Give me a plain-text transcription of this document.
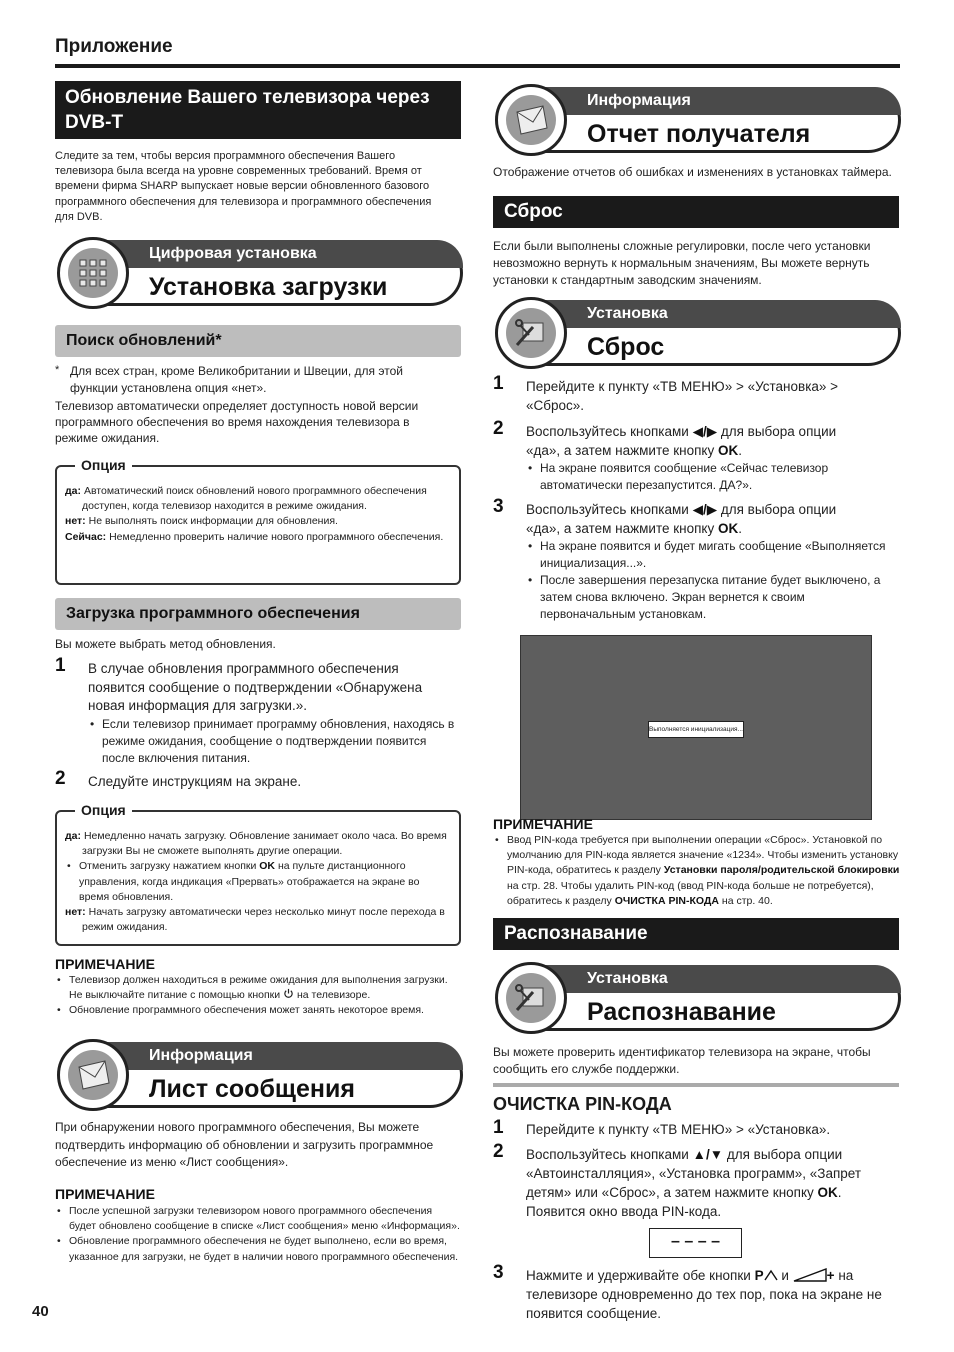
Приложение
Обновление Вашего телевизора через DVB-T
Следите за тем, чтобы версия программного обеспечения Вашего телевизора была всегда на уровне современных требований. Время от времени фирма SHARP выпускает новые версии обновленного базового программного обеспечения для телевизора и программного обеспечения для DVB.
Цифровая установка
Установка загрузки
Поиск обновлений*
* Для всех стран, кроме Великобритании и Швеции, для этой функции установлена опция «нет».
Телевизор автоматически определяет доступность новой версии программного обеспечения во время нахождения телевизора в режиме ожидания.
Опция
да: Автоматический поиск обновлений нового программного обеспечения доступен, когда телевизор находится в режиме ожидания.
нет: Не выполнять поиск информации для обновления.
Сейчас: Немедленно проверить наличие нового программного обеспечения.
Загрузка программного обеспечения
Вы можете выбрать метод обновления.
1 В случае обновления программного обеспечения появится сообщение о подтверждении «Обнаружена новая информация для загрузки.».
• Если телевизор принимает программу обновления, находясь в режиме ожидания, сообщение о подтверждении появится после включения питания.
2 Следуйте инструкциям на экране.
Опция
да: Немедленно начать загрузку. Обновление занимает около часа. Во время загрузки Вы не сможете выполнять другие операции.
• Отменить загрузку нажатием кнопки OK на пульте дистанционного управления, когда индикация «Прервать» отображается на экране во время обновления.
нет: Начать загрузку автоматически через несколько минут после перехода в режим ожидания.
ПРИМЕЧАНИЕ
• Телевизор должен находиться в режиме ожидания для выполнения загрузки. Не выключайте питание с помощью кнопки на телевизоре.
• Обновление программного обеспечения может занять некоторое время.
Информация
Лист сообщения
При обнаружении нового программного обеспечения, Вы можете подтвердить информацию об обновлении и загрузить программное обеспечение из меню «Лист сообщения».
ПРИМЕЧАНИЕ
• После успешной загрузки телевизором нового программного обеспечения будет обновлено сообщение в списке «Лист сообщения» меню «Информация».
• Обновление программного обеспечения не будет выполнено, если во время, указанное для загрузки, не будет в наличии нового программного обеспечения.
40
Информация
Отчет получателя
Отображение отчетов об ошибках и изменениях в установках таймера.
Сброс
Если были выполнены сложные регулировки, после чего установки невозможно вернуть к нормальным значениям, Вы можете вернуть установки к стандартным заводским значениям.
Установка
Сброс
1 Перейдите к пункту «ТВ МЕНЮ» > «Установка» > «Сброс».
2 Воспользуйтесь кнопками ◀/▶ для выбора опции «да», а затем нажмите кнопку OK.
• На экране появится сообщение «Сейчас телевизор автоматически перезапустится. ДА?».
3 Воспользуйтесь кнопками ◀/▶ для выбора опции «да», а затем нажмите кнопку OK.
• На экране появится и будет мигать сообщение «Выполняется инициализация...».
• После завершения перезапуска питание будет выключено, а затем снова включено. Экран вернется к своим первоначальным установкам.
Выполняется инициализация...
ПРИМЕЧАНИЕ
• Ввод PIN-кода требуется при выполнении операции «Сброс». Установкой по умолчанию для PIN-кода является значение «1234». Чтобы изменить установку PIN-кода, обратитесь к разделу Установки пароля/родительской блокировки на стр. 28. Чтобы удалить PIN-код (ввод PIN-кода больше не потребуется), обратитесь к разделу ОЧИСТКА PIN-КОДА на стр. 40.
Распознавание
Установка
Распознавание
Вы можете проверить идентификатор телевизора на экране, чтобы сообщить его службе поддержки.
ОЧИСТКА PIN-КОДА
1 Перейдите к пункту «ТВ МЕНЮ» > «Установка».
2 Воспользуйтесь кнопками ▲/▼ для выбора опции «Автоинсталляция», «Установка программ», «Запрет детям» или «Сброс», а затем нажмите кнопку OK. Появится окно ввода PIN-кода.
– – – –
3 Нажмите и удерживайте обе кнопки P и	+ на телевизоре одновременно до тех пор, пока на экране не появится сообщение.
